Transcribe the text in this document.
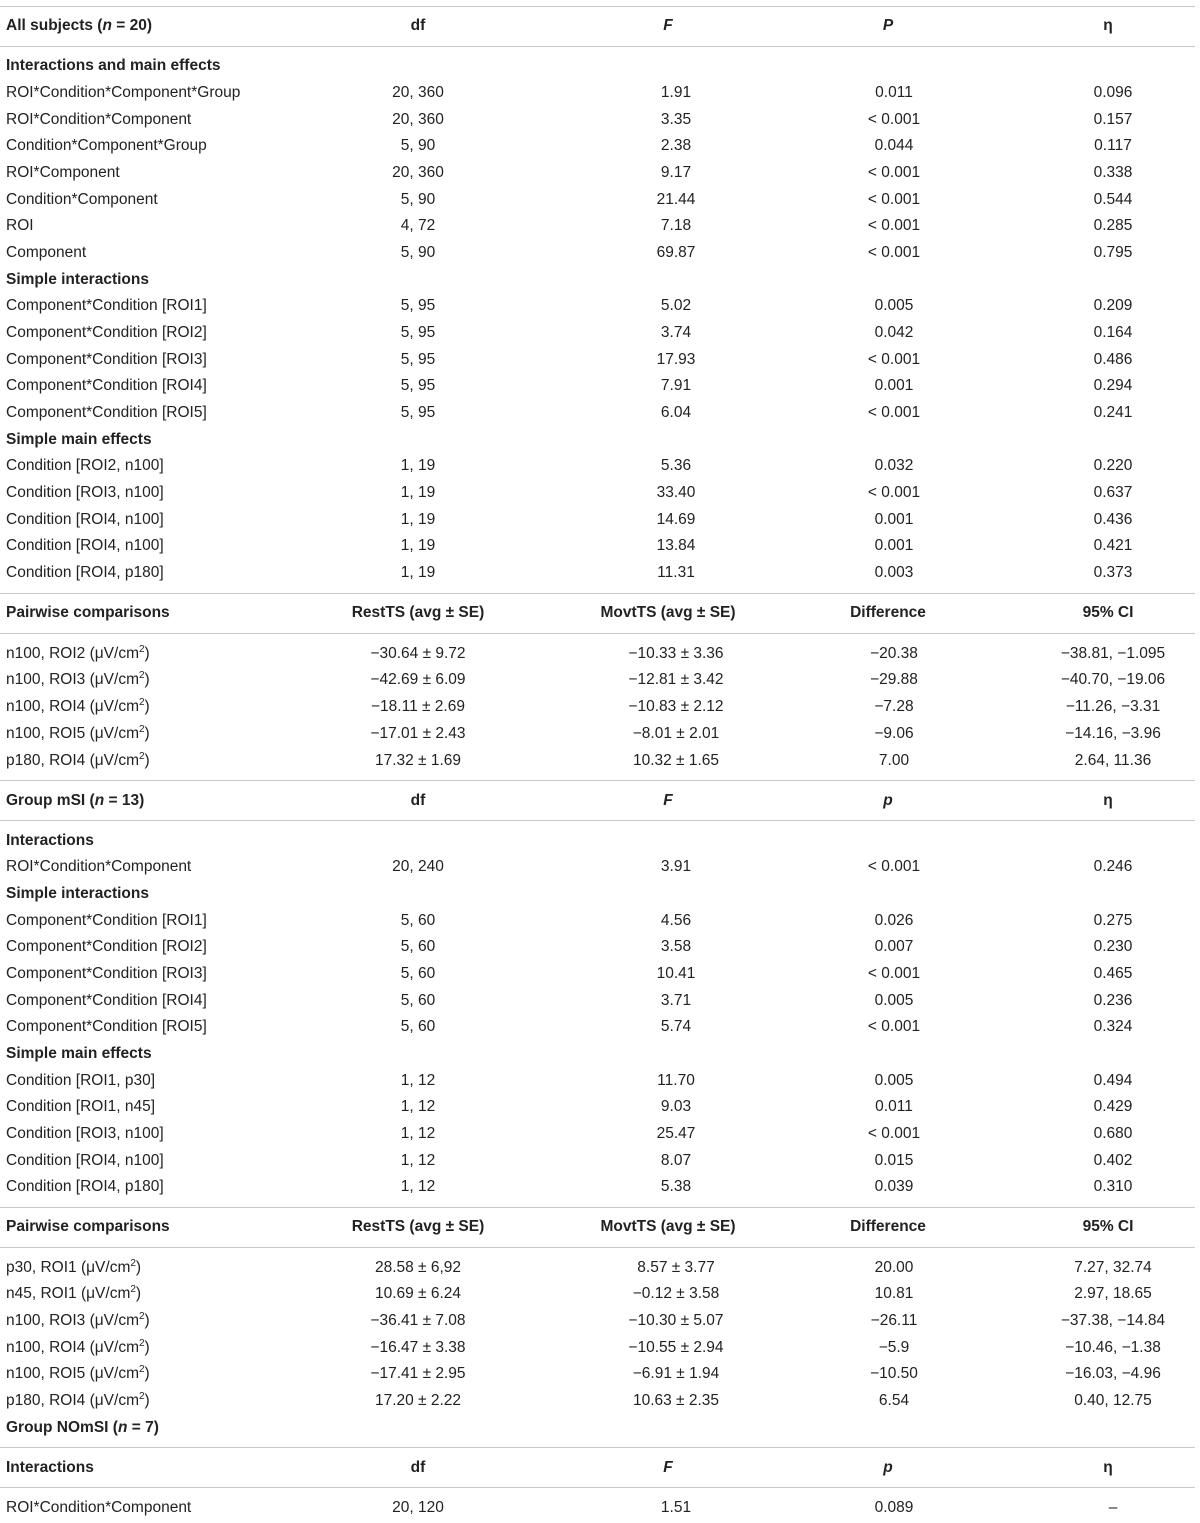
All subjects (n = 20)	df	F	P	η
Interactions and main effects
ROI*Condition*Component*Group	20, 360	1.91	0.011	0.096
ROI*Condition*Component	20, 360	3.35	< 0.001	0.157
Condition*Component*Group	5, 90	2.38	0.044	0.117
ROI*Component	20, 360	9.17	< 0.001	0.338
Condition*Component	5, 90	21.44	< 0.001	0.544
ROI	4, 72	7.18	< 0.001	0.285
Component	5, 90	69.87	< 0.001	0.795
Simple interactions
Component*Condition [ROI1]	5, 95	5.02	0.005	0.209
Component*Condition [ROI2]	5, 95	3.74	0.042	0.164
Component*Condition [ROI3]	5, 95	17.93	< 0.001	0.486
Component*Condition [ROI4]	5, 95	7.91	0.001	0.294
Component*Condition [ROI5]	5, 95	6.04	< 0.001	0.241
Simple main effects
Condition [ROI2, n100]	1, 19	5.36	0.032	0.220
Condition [ROI3, n100]	1, 19	33.40	< 0.001	0.637
Condition [ROI4, n100]	1, 19	14.69	0.001	0.436
Condition [ROI4, n100]	1, 19	13.84	0.001	0.421
Condition [ROI4, p180]	1, 19	11.31	0.003	0.373
Pairwise comparisons	RestTS (avg ± SE)	MovtTS (avg ± SE)	Difference	95% CI
n100, ROI2 $(\mu V/cm^2)$	−30.64 ± 9.72	−10.33 ± 3.36	−20.38	−38.81, −1.095
n100, ROI3 $(\mu V/cm^2)$	−42.69 ± 6.09	−12.81 ± 3.42	−29.88	−40.70, −19.06
n100, ROI4 $(\mu V/cm^2)$	−18.11 ± 2.69	−10.83 ± 2.12	−7.28	−11.26, −3.31
n100, ROI5 $(\mu V/cm^2)$	−17.01 ± 2.43	−8.01 ± 2.01	−9.06	−14.16, −3.96
p180, ROI4 $(\mu V/cm^2)$	17.32 ± 1.69	10.32 ± 1.65	7.00	2.64, 11.36
Group mSI (n = 13)	df	F	p	η
Interactions
ROI*Condition*Component	20, 240	3.91	< 0.001	0.246
Simple interactions
Component*Condition [ROI1]	5, 60	4.56	0.026	0.275
Component*Condition [ROI2]	5, 60	3.58	0.007	0.230
Component*Condition [ROI3]	5, 60	10.41	< 0.001	0.465
Component*Condition [ROI4]	5, 60	3.71	0.005	0.236
Component*Condition [ROI5]	5, 60	5.74	< 0.001	0.324
Simple main effects
Condition [ROI1, p30]	1, 12	11.70	0.005	0.494
Condition [ROI1, n45]	1, 12	9.03	0.011	0.429
Condition [ROI3, n100]	1, 12	25.47	< 0.001	0.680
Condition [ROI4, n100]	1, 12	8.07	0.015	0.402
Condition [ROI4, p180]	1, 12	5.38	0.039	0.310
Pairwise comparisons	RestTS (avg ± SE)	MovtTS (avg ± SE)	Difference	95% CI
p30, ROI1 $(\mu V/cm^2)$	28.58 ± 6,92	8.57 ± 3.77	20.00	7.27, 32.74
n45, ROI1 $(\mu V/cm^2)$	10.69 ± 6.24	−0.12 ± 3.58	10.81	2.97, 18.65
n100, ROI3 $(\mu V/cm^2)$	−36.41 ± 7.08	−10.30 ± 5.07	−26.11	−37.38, −14.84
n100, ROI4 $(\mu V/cm^2)$	−16.47 ± 3.38	−10.55 ± 2.94	−5.9	−10.46, −1.38
n100, ROI5 $(\mu V/cm^2)$	−17.41 ± 2.95	−6.91 ± 1.94	−10.50	−16.03, −4.96
p180, ROI4 $(\mu V/cm^2)$	17.20 ± 2.22	10.63 ± 2.35	6.54	0.40, 12.75
Group NOmSI (n = 7)
Interactions	df	F	p	η
ROI*Condition*Component	20, 120	1.51	0.089	–
